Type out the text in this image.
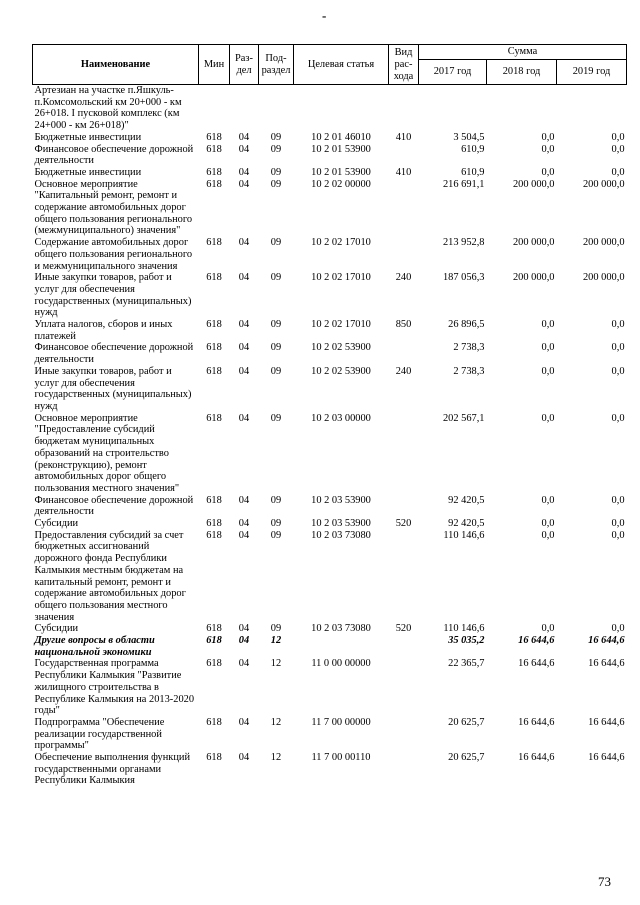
-
Наименование	Мин	Раз-дел	Под-раздел	Целевая статья	Вид рас-хода	Сумма		
						2017 год	2018 год	2019 год
Артезиан на участке п.Яшкуль-п.Комсомольский км 20+000 - км 26+018. I пусковой комплекс (км 24+000 - км 26+018)"								
Бюджетные инвестиции	618	04	09	10 2 01 46010	410	3 504,5	0,0	0,0
Финансовое обеспечение дорожной деятельности	618	04	09	10 2 01 53900		610,9	0,0	0,0
Бюджетные инвестиции	618	04	09	10 2 01 53900	410	610,9	0,0	0,0
Основное мероприятие "Капитальный ремонт, ремонт и содержание автомобильных дорог общего пользования регионального (межмуниципального) значения"	618	04	09	10 2 02 00000		216 691,1	200 000,0	200 000,0
Содержание автомобильных дорог общего пользования регионального и межмуниципального значения	618	04	09	10 2 02 17010		213 952,8	200 000,0	200 000,0
Иные закупки товаров, работ и услуг для обеспечения государственных (муниципальных) нужд	618	04	09	10 2 02 17010	240	187 056,3	200 000,0	200 000,0
Уплата налогов, сборов и иных платежей	618	04	09	10 2 02 17010	850	26 896,5	0,0	0,0
Финансовое обеспечение дорожной деятельности	618	04	09	10 2 02 53900		2 738,3	0,0	0,0
Иные закупки товаров, работ и услуг для обеспечения государственных (муниципальных) нужд	618	04	09	10 2 02 53900	240	2 738,3	0,0	0,0
Основное мероприятие "Предоставление субсидий бюджетам муниципальных образований на строительство (реконструкцию), ремонт автомобильных дорог общего пользования местного значения"	618	04	09	10 2 03 00000		202 567,1	0,0	0,0
Финансовое обеспечение дорожной деятельности	618	04	09	10 2 03 53900		92 420,5	0,0	0,0
Субсидии	618	04	09	10 2 03 53900	520	92 420,5	0,0	0,0
Предоставления субсидий за счет бюджетных ассигнований дорожного фонда Республики Калмыкия местным бюджетам на капитальный ремонт, ремонт и содержание автомобильных дорог общего пользования местного значения	618	04	09	10 2 03 73080		110 146,6	0,0	0,0
Субсидии	618	04	09	10 2 03 73080	520	110 146,6	0,0	0,0
Другие вопросы в области национальной экономики	618	04	12			35 035,2	16 644,6	16 644,6
Государственная программа Республики Калмыкия "Развитие жилищного строительства в Республике Калмыкия на 2013-2020 годы"	618	04	12	11 0 00 00000		22 365,7	16 644,6	16 644,6
Подпрограмма "Обеспечение реализации государственной программы"	618	04	12	11 7 00 00000		20 625,7	16 644,6	16 644,6
Обеспечение выполнения функций государственными органами Республики Калмыкия	618	04	12	11 7 00 00110		20 625,7	16 644,6	16 644,6
73
